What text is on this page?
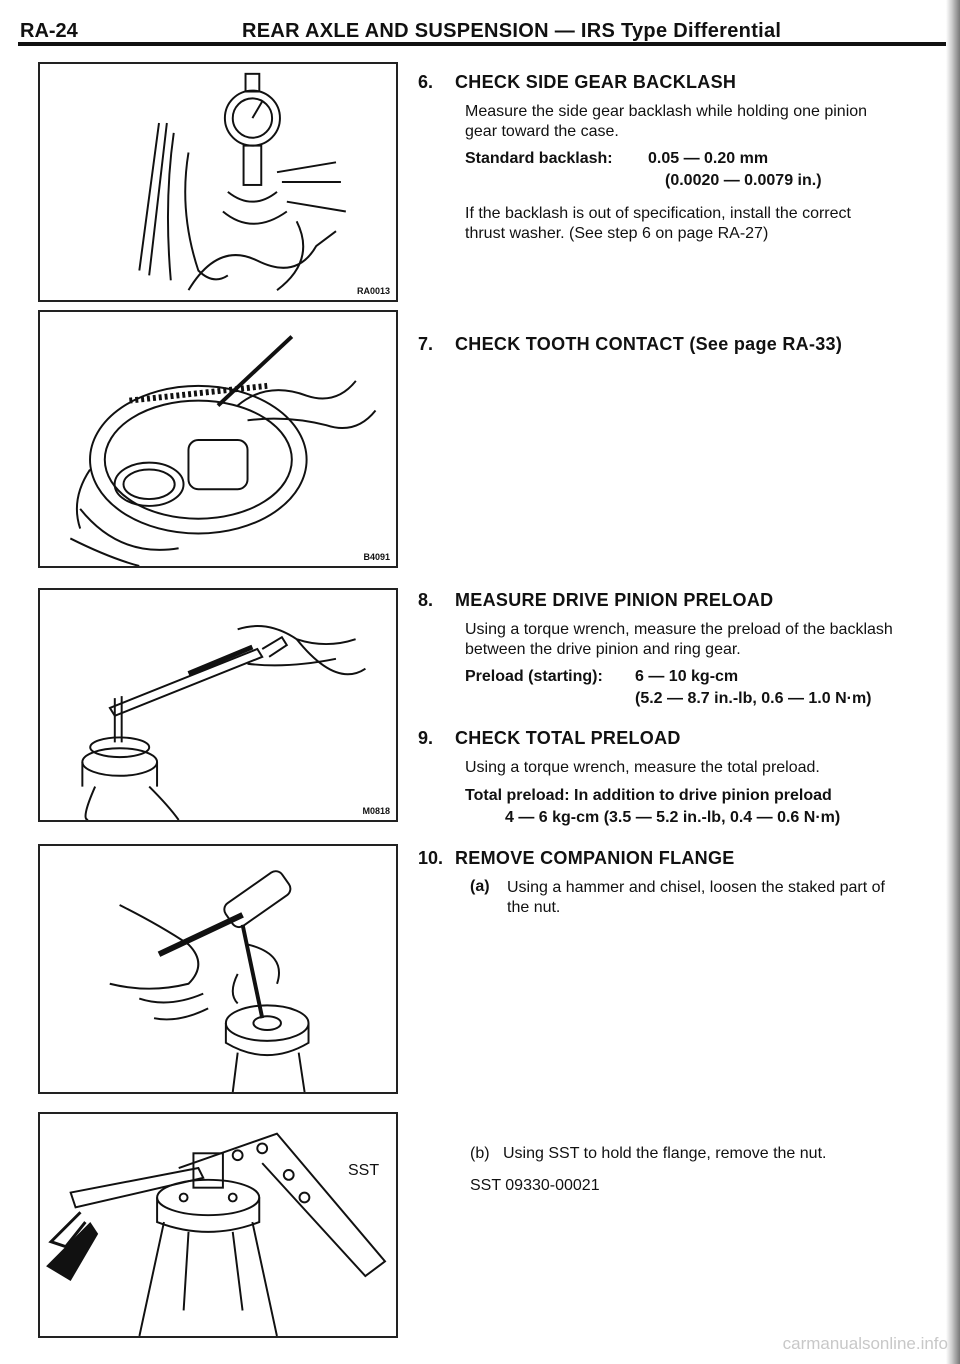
RA-24	REAR AXLE AND SUSPENSION — IRS Type Differential
RA0013
B4091
M0818
SST
6. CHECK SIDE GEAR BACKLASH
Measure the side gear backlash while holding one pinion
gear toward the case.
Standard backlash: 0.05 — 0.20 mm
(0.0020 — 0.0079 in.)
If the backlash is out of specification, install the correct
thrust washer. (See step 6 on page RA-27)
7. CHECK TOOTH CONTACT (See page RA-33)
8. MEASURE DRIVE PINION PRELOAD
Using a torque wrench, measure the preload of the backlash
between the drive pinion and ring gear.
Preload (starting): 6 — 10 kg-cm
(5.2 — 8.7 in.-lb, 0.6 — 1.0 N·m)
9. CHECK TOTAL PRELOAD
Using a torque wrench, measure the total preload.
Total preload: In addition to drive pinion preload
4 — 6 kg-cm (3.5 — 5.2 in.-lb, 0.4 — 0.6 N·m)
10. REMOVE COMPANION FLANGE
(a) Using a hammer and chisel, loosen the staked part of
the nut.
(b) Using SST to hold the flange, remove the nut.
SST 09330-00021
carmanualsonline.info
